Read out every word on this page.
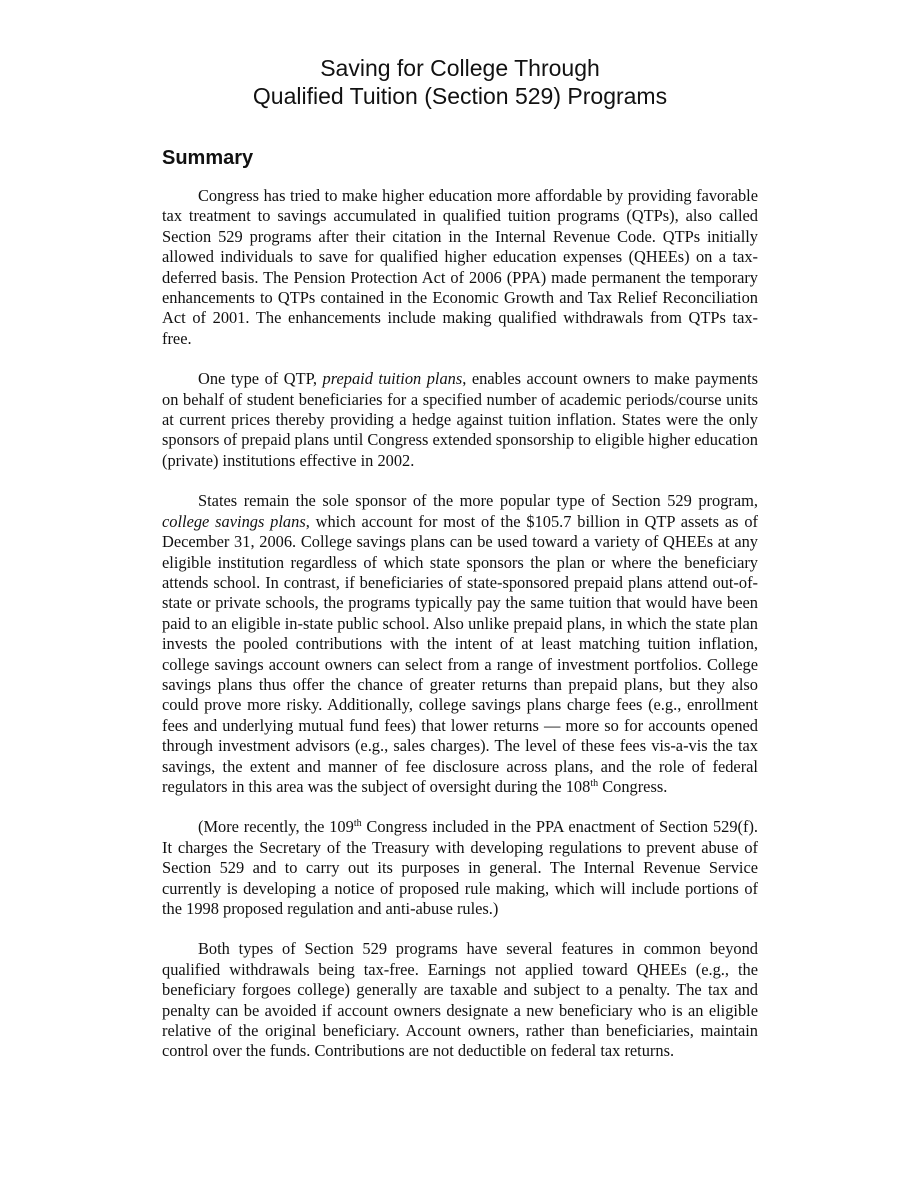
Saving for College Through
Qualified Tuition (Section 529) Programs
Summary

Congress has tried to make higher education more affordable by providing favorable tax treatment to savings accumulated in qualified tuition programs (QTPs), also called Section 529 programs after their citation in the Internal Revenue Code. QTPs initially allowed individuals to save for qualified higher education expenses (QHEEs) on a tax-deferred basis. The Pension Protection Act of 2006 (PPA) made permanent the temporary enhancements to QTPs contained in the Economic Growth and Tax Relief Reconciliation Act of 2001. The enhancements include making qualified withdrawals from QTPs tax-free.

One type of QTP, prepaid tuition plans, enables account owners to make payments on behalf of student beneficiaries for a specified number of academic periods/course units at current prices thereby providing a hedge against tuition inflation. States were the only sponsors of prepaid plans until Congress extended sponsorship to eligible higher education (private) institutions effective in 2002.

States remain the sole sponsor of the more popular type of Section 529 program, college savings plans, which account for most of the $105.7 billion in QTP assets as of December 31, 2006. College savings plans can be used toward a variety of QHEEs at any eligible institution regardless of which state sponsors the plan or where the beneficiary attends school. In contrast, if beneficiaries of state-sponsored prepaid plans attend out-of-state or private schools, the programs typically pay the same tuition that would have been paid to an eligible in-state public school. Also unlike prepaid plans, in which the state plan invests the pooled contributions with the intent of at least matching tuition inflation, college savings account owners can select from a range of investment portfolios. College savings plans thus offer the chance of greater returns than prepaid plans, but they also could prove more risky. Additionally, college savings plans charge fees (e.g., enrollment fees and underlying mutual fund fees) that lower returns — more so for accounts opened through investment advisors (e.g., sales charges). The level of these fees vis-a-vis the tax savings, the extent and manner of fee disclosure across plans, and the role of federal regulators in this area was the subject of oversight during the 108th Congress.

(More recently, the 109th Congress included in the PPA enactment of Section 529(f). It charges the Secretary of the Treasury with developing regulations to prevent abuse of Section 529 and to carry out its purposes in general. The Internal Revenue Service currently is developing a notice of proposed rule making, which will include portions of the 1998 proposed regulation and anti-abuse rules.)

Both types of Section 529 programs have several features in common beyond qualified withdrawals being tax-free. Earnings not applied toward QHEEs (e.g., the beneficiary forgoes college) generally are taxable and subject to a penalty. The tax and penalty can be avoided if account owners designate a new beneficiary who is an eligible relative of the original beneficiary. Account owners, rather than beneficiaries, maintain control over the funds. Contributions are not deductible on federal tax returns.
